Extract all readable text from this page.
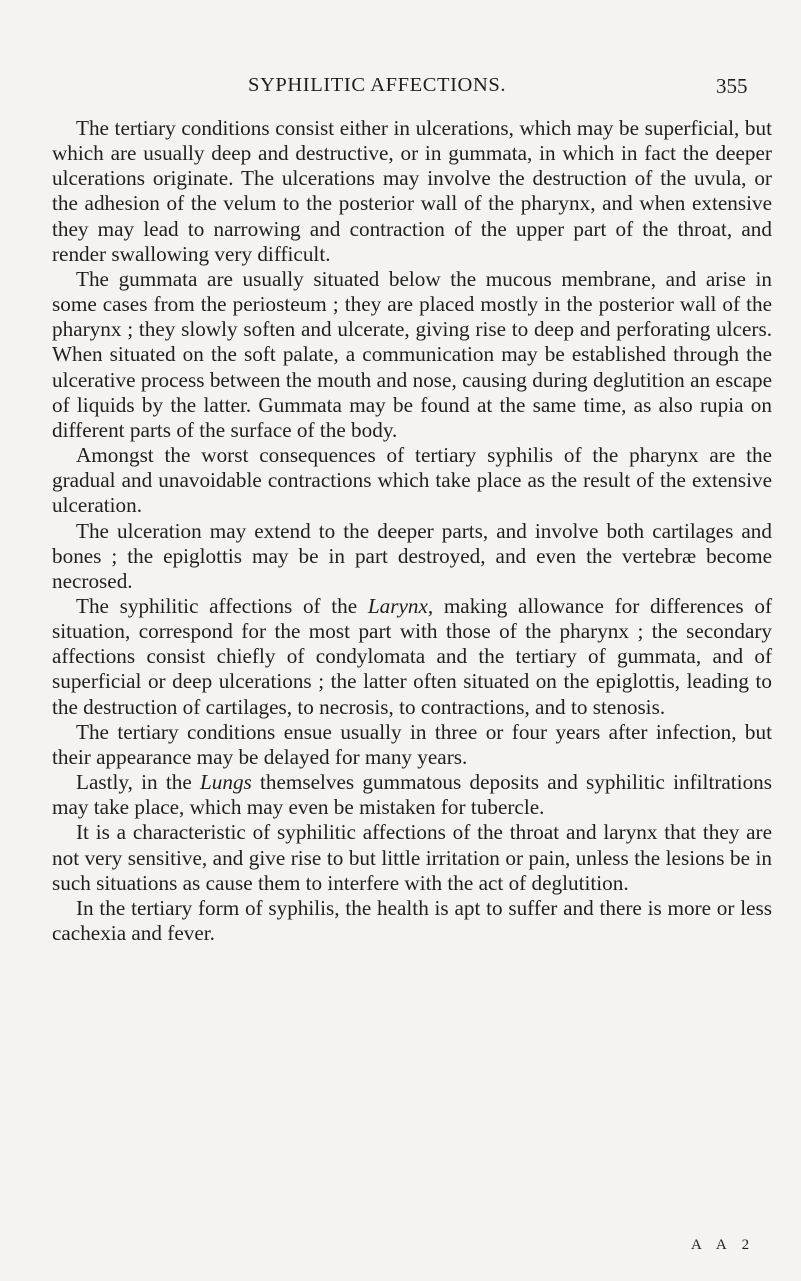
SYPHILITIC AFFECTIONS.	355

The tertiary conditions consist either in ulcerations, which may be superficial, but which are usually deep and destructive, or in gummata, in which in fact the deeper ulcerations originate. The ulcerations may involve the destruction of the uvula, or the adhesion of the velum to the posterior wall of the pharynx, and when extensive they may lead to narrowing and contraction of the upper part of the throat, and render swallowing very difficult.

The gummata are usually situated below the mucous membrane, and arise in some cases from the periosteum ; they are placed mostly in the posterior wall of the pharynx ; they slowly soften and ulcerate, giving rise to deep and perforating ulcers. When situated on the soft palate, a communication may be established through the ulcerative process between the mouth and nose, causing during deglutition an escape of liquids by the latter. Gummata may be found at the same time, as also rupia on different parts of the surface of the body.

Amongst the worst consequences of tertiary syphilis of the pharynx are the gradual and unavoidable contractions which take place as the result of the extensive ulceration.

The ulceration may extend to the deeper parts, and involve both cartilages and bones ; the epiglottis may be in part destroyed, and even the vertebræ become necrosed.

The syphilitic affections of the Larynx, making allowance for differences of situation, correspond for the most part with those of the pharynx ; the secondary affections consist chiefly of condylomata and the tertiary of gummata, and of superficial or deep ulcerations ; the latter often situated on the epiglottis, leading to the destruction of cartilages, to necrosis, to contractions, and to stenosis.

The tertiary conditions ensue usually in three or four years after infection, but their appearance may be delayed for many years.

Lastly, in the Lungs themselves gummatous deposits and syphilitic infiltrations may take place, which may even be mistaken for tubercle.

It is a characteristic of syphilitic affections of the throat and larynx that they are not very sensitive, and give rise to but little irritation or pain, unless the lesions be in such situations as cause them to interfere with the act of deglutition.

In the tertiary form of syphilis, the health is apt to suffer and there is more or less cachexia and fever.

A A 2
